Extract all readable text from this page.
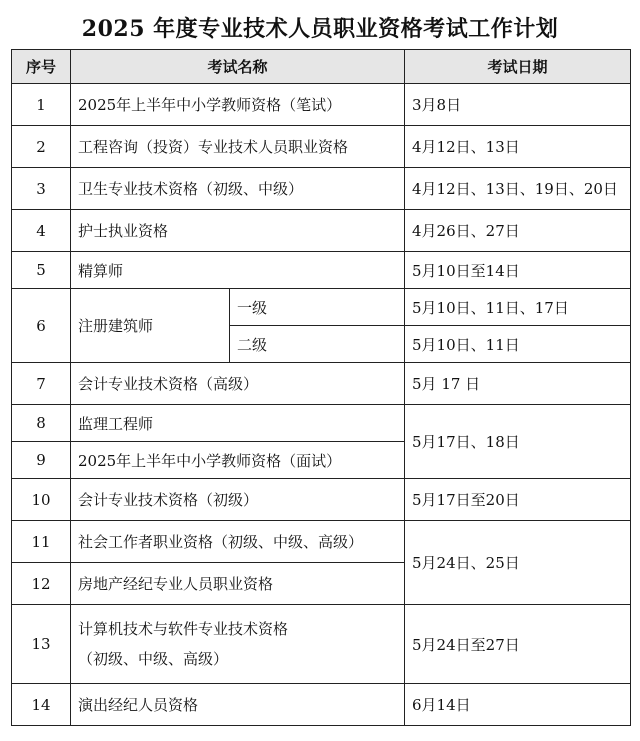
2025 年度专业技术人员职业资格考试工作计划
序号	考试名称		考试日期
1	2025年上半年中小学教师资格（笔试）		3月8日
2	工程咨询（投资）专业技术人员职业资格		4月12日、13日
3	卫生专业技术资格（初级、中级）		4月12日、13日、19日、20日
4	护士执业资格		4月26日、27日
5	精算师		5月10日至14日
6	注册建筑师	一级	5月10日、11日、17日
		二级	5月10日、11日
7	会计专业技术资格（高级）		5月 17 日
8	监理工程师		5月17日、18日
9	2025年上半年中小学教师资格（面试）		
10	会计专业技术资格（初级）		5月17日至20日
11	社会工作者职业资格（初级、中级、高级）		5月24日、25日
12	房地产经纪专业人员职业资格		
13	计算机技术与软件专业技术资格
（初级、中级、高级）		5月24日至27日
14	演出经纪人员资格		6月14日
